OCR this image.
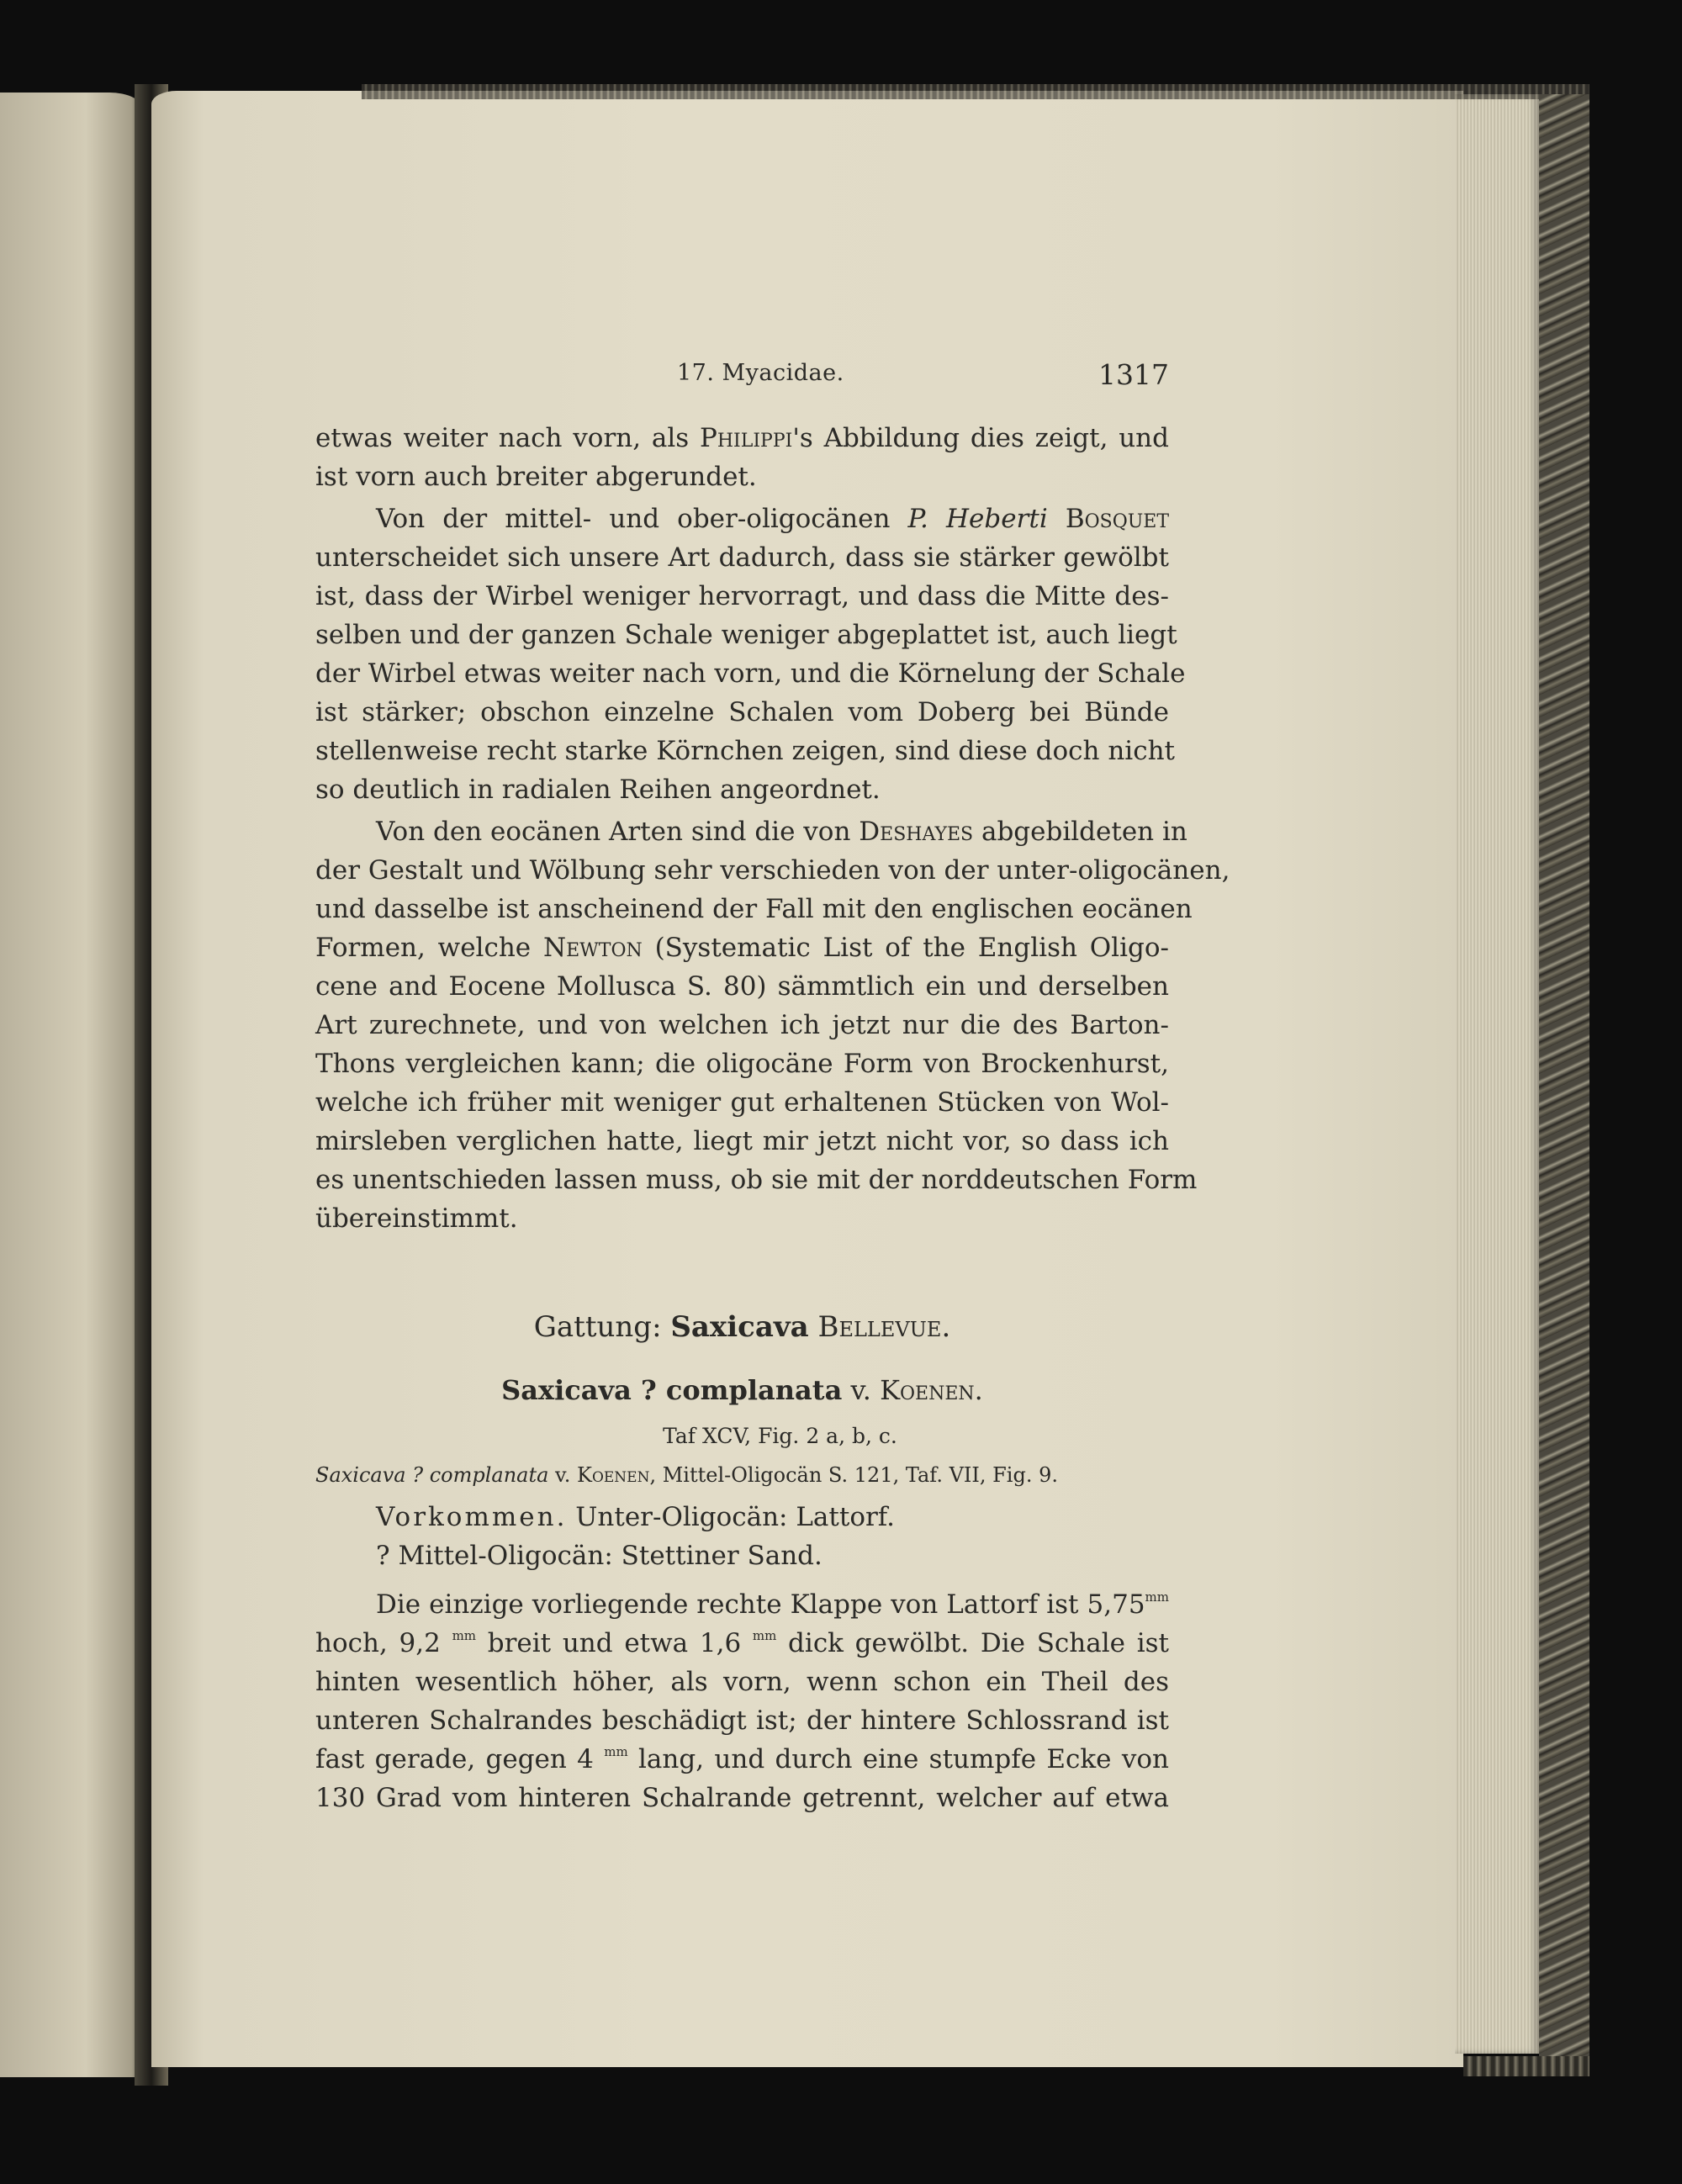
17. Myacidae.	1317
etwas weiter nach vorn, als Philippi's Abbildung dies zeigt, und
ist vorn auch breiter abgerundet.
Von der mittel- und ober-oligocänen P. Heberti Bosquet
unterscheidet sich unsere Art dadurch, dass sie stärker gewölbt
ist, dass der Wirbel weniger hervorragt, und dass die Mitte des-
selben und der ganzen Schale weniger abgeplattet ist, auch liegt
der Wirbel etwas weiter nach vorn, und die Körnelung der Schale
ist stärker; obschon einzelne Schalen vom Doberg bei Bünde
stellenweise recht starke Körnchen zeigen, sind diese doch nicht
so deutlich in radialen Reihen angeordnet.
Von den eocänen Arten sind die von Deshayes abgebildeten in
der Gestalt und Wölbung sehr verschieden von der unter-oligocänen,
und dasselbe ist anscheinend der Fall mit den englischen eocänen
Formen, welche Newton (Systematic List of the English Oligo-
cene and Eocene Mollusca S. 80) sämmtlich ein und derselben
Art zurechnete, und von welchen ich jetzt nur die des Barton-
Thons vergleichen kann; die oligocäne Form von Brockenhurst,
welche ich früher mit weniger gut erhaltenen Stücken von Wol-
mirsleben verglichen hatte, liegt mir jetzt nicht vor, so dass ich
es unentschieden lassen muss, ob sie mit der norddeutschen Form
übereinstimmt.
Gattung: Saxicava Bellevue.
Saxicava ? complanata v. Koenen.
Taf XCV, Fig. 2 a, b, c.
Saxicava ? complanata v. Koenen, Mittel-Oligocän S. 121, Taf. VII, Fig. 9.
Vorkommen. Unter-Oligocän: Lattorf.
? Mittel-Oligocän: Stettiner Sand.
Die einzige vorliegende rechte Klappe von Lattorf ist $5,75^{mm}$
hoch, 9,2 $^{mm}$ breit und etwa 1,6 $^{mm}$ dick gewölbt. Die Schale ist
hinten wesentlich höher, als vorn, wenn schon ein Theil des
unteren Schalrandes beschädigt ist; der hintere Schlossrand ist
fast gerade, gegen 4 $^{mm}$ lang, und durch eine stumpfe Ecke von
130 Grad vom hinteren Schalrande getrennt, welcher auf etwa
